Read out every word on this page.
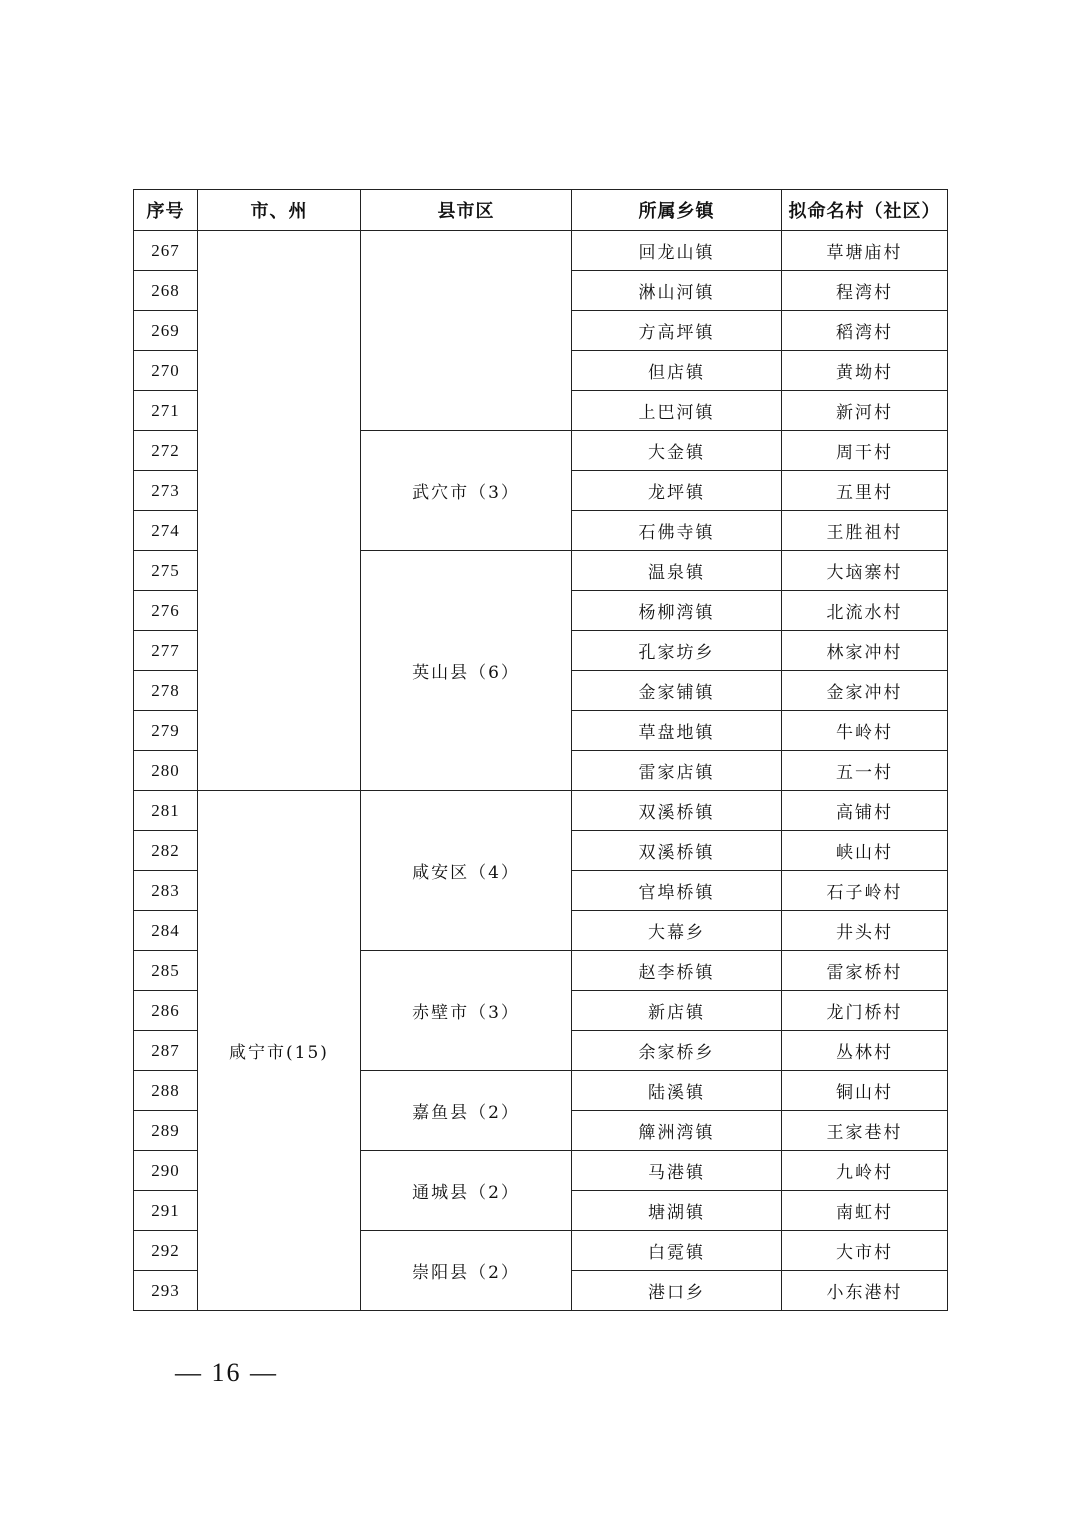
序号	市、州	县市区	所属乡镇	拟命名村（社区）
267			回龙山镇	草塘庙村
268			淋山河镇	程湾村
269			方高坪镇	稻湾村
270			但店镇	黄坳村
271			上巴河镇	新河村
272		武穴市（3）	大金镇	周干村
273			龙坪镇	五里村
274			石佛寺镇	王胜祖村
275		英山县（6）	温泉镇	大垴寨村
276			杨柳湾镇	北流水村
277			孔家坊乡	林家冲村
278			金家铺镇	金家冲村
279			草盘地镇	牛岭村
280			雷家店镇	五一村
281	咸宁市(15)	咸安区（4）	双溪桥镇	高铺村
282			双溪桥镇	峡山村
283			官埠桥镇	石子岭村
284			大幕乡	井头村
285		赤壁市（3）	赵李桥镇	雷家桥村
286			新店镇	龙门桥村
287			余家桥乡	丛林村
288		嘉鱼县（2）	陆溪镇	铜山村
289			簰洲湾镇	王家巷村
290		通城县（2）	马港镇	九岭村
291			塘湖镇	南虹村
292		崇阳县（2）	白霓镇	大市村
293			港口乡	小东港村
— 16 —
